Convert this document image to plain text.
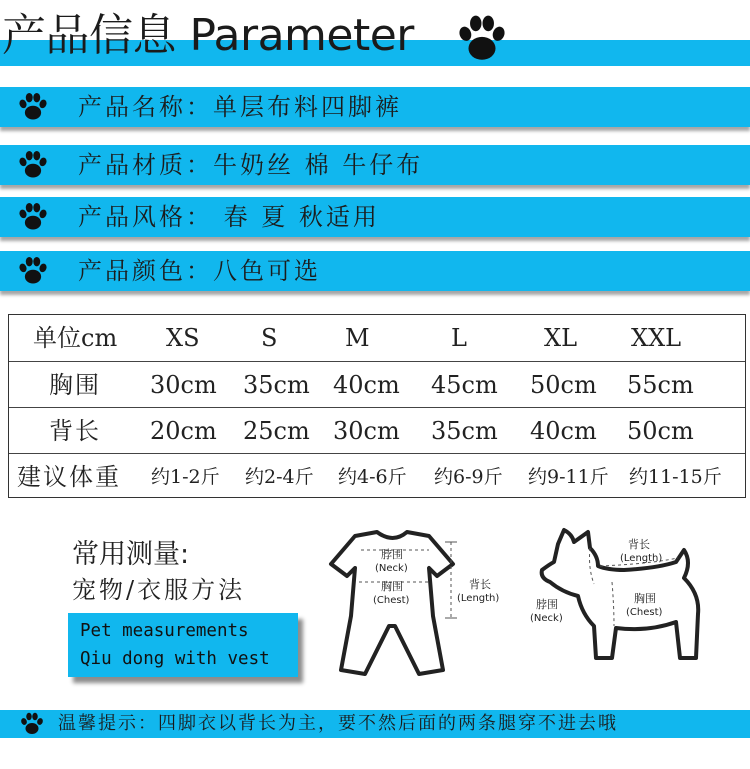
产品信息 Parameter
产品名称：单层布料四脚裤
产品材质：牛奶丝 棉 牛仔布
产品风格： 春 夏 秋适用
产品颜色：八色可选
单位cm XS	S	M	L	XL XXL
胸围 30cm 35cm 40cm 45cm 50cm 55cm
背长 20cm 25cm 30cm 35cm 40cm 50cm
建议体重 约1-2斤 约2-4斤 约4-6斤 约6-9斤 约9-11斤 约11-15斤
常用测量:
宠物/衣服方法
Pet measurements
Qiu dong with vest
脖围
(Neck)
胸围
(Chest)
背长
(Length)
背长
(Length)
脖围
(Neck)
胸围
(Chest)
温馨提示：四脚衣以背长为主，要不然后面的两条腿穿不进去哦
